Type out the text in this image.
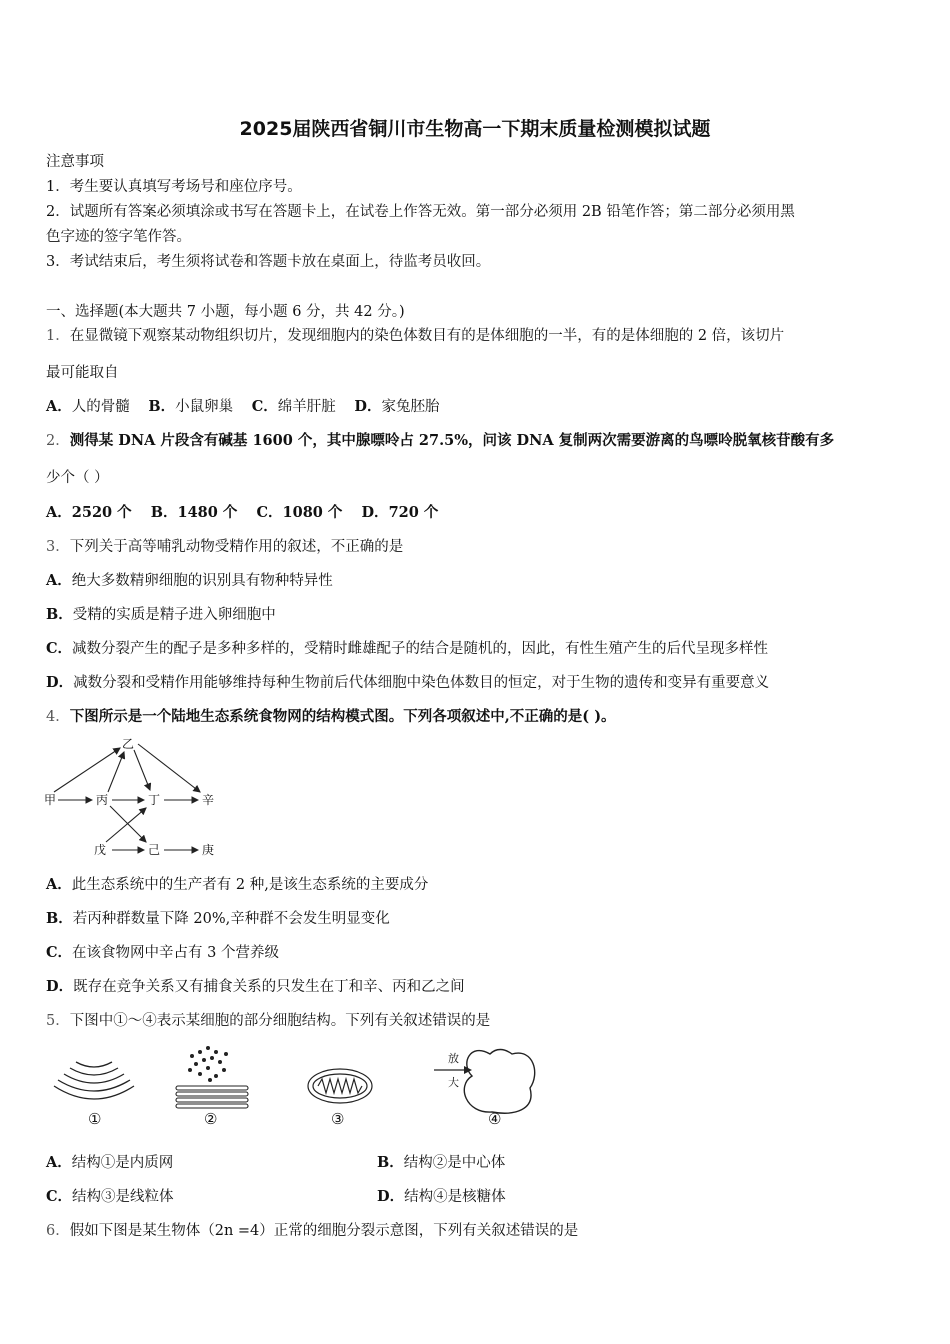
2025届陕西省铜川市生物高一下期末质量检测模拟试题
注意事项
1．考生要认真填写考场号和座位序号。
2．试题所有答案必须填涂或书写在答题卡上，在试卷上作答无效。第一部分必须用 2B 铅笔作答；第二部分必须用黑
色字迹的签字笔作答。
3．考试结束后，考生须将试卷和答题卡放在桌面上，待监考员收回。
一、选择题(本大题共 7 小题，每小题 6 分，共 42 分。)
1．在显微镜下观察某动物组织切片，发现细胞内的染色体数目有的是体细胞的一半，有的是体细胞的 2 倍，该切片
最可能取自
A．人的骨髓 B．小鼠卵巢 C．绵羊肝脏 D．家兔胚胎
2．测得某 DNA 片段含有碱基 1600 个，其中腺嘌呤占 27.5%，问该 DNA 复制两次需要游离的鸟嘌呤脱氧核苷酸有多
少个（ ）
A．2520 个 B．1480 个 C．1080 个 D．720 个
3．下列关于高等哺乳动物受精作用的叙述，不正确的是
A．绝大多数精卵细胞的识别具有物种特异性
B．受精的实质是精子进入卵细胞中
C．减数分裂产生的配子是多种多样的，受精时雌雄配子的结合是随机的，因此，有性生殖产生的后代呈现多样性
D．减数分裂和受精作用能够维持每种生物前后代体细胞中染色体数目的恒定，对于生物的遗传和变异有重要意义
4．下图所示是一个陆地生态系统食物网的结构模式图。下列各项叙述中,不正确的是( )。
甲
乙
丙	丁	辛
戊	己	庚
A．此生态系统中的生产者有 2 种,是该生态系统的主要成分
B．若丙种群数量下降 20%,辛种群不会发生明显变化
C．在该食物网中辛占有 3 个营养级
D．既存在竞争关系又有捕食关系的只发生在丁和辛、丙和乙之间
5．下图中①～④表示某细胞的部分细胞结构。下列有关叙述错误的是
放
大
①	②	③	④
A．结构①是内质网	B．结构②是中心体
C．结构③是线粒体	D．结构④是核糖体
6．假如下图是某生物体（2n =4）正常的细胞分裂示意图，下列有关叙述错误的是
